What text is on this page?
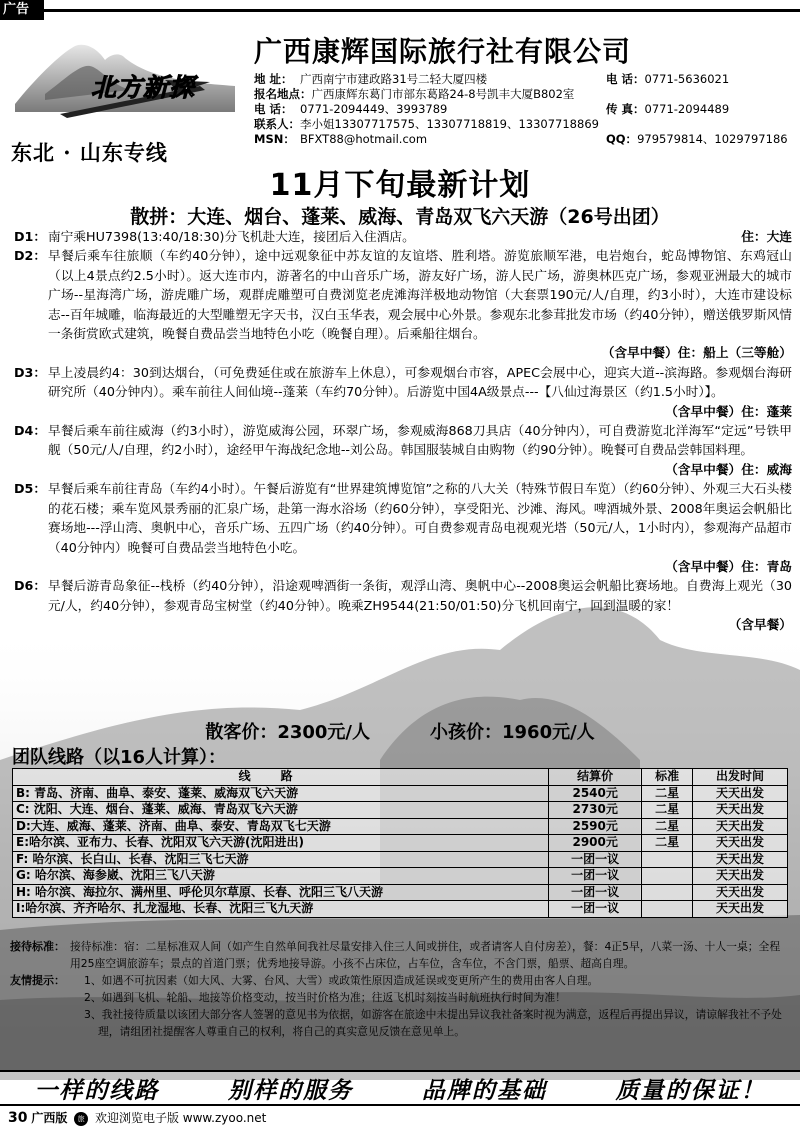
广告
北方新探
东北 · 山东专线
广西康辉国际旅行社有限公司
地 址： 广西南宁市建政路31号二轻大厦四楼	电 话：0771-5636021
报名地点：广西康辉东葛门市部东葛路24-8号凯丰大厦B802室
电 话： 0771-2094449、3993789	传 真：0771-2094489
联系人：李小姐13307717575、13307718819、13307718869
MSN： BFXT88@hotmail.com	QQ：979579814、1029797186
11月下旬最新计划
散拼：大连、烟台、蓬莱、威海、青岛双飞六天游（26号出团）
D1：	住：大连
南宁乘HU7398(13:40/18:30)分飞机赴大连，接团后入住酒店。

D2： 早餐后乘车往旅顺（车约40分钟），途中远观象征中苏友谊的友谊塔、胜利塔。游览旅顺军港，电岩炮台，蛇岛博物馆、东鸡冠山（以上4景点约2.5小时）。返大连市内，游著名的中山音乐广场，游友好广场，游人民广场，游奥林匹克广场，参观亚洲最大的城市广场--星海湾广场，游虎雕广场，观群虎雕塑可自费浏览老虎滩海洋极地动物馆（大套票190元/人/自理，约3小时），大连市建设标志--百年城雕，临海最近的大型雕塑无字天书，汉白玉华表，观会展中心外景。参观东北参茸批发市场（约40分钟），赠送俄罗斯风情一条街赏欧式建筑，晚餐自费品尝当地特色小吃（晚餐自理）。后乘船往烟台。

（含早中餐）住：船上（三等舱）
D3： 早上凌晨约4：30到达烟台，（可免费延住或在旅游车上休息），可参观烟台市容，APEC会展中心，迎宾大道--滨海路。参观烟台海研研究所（40分钟内）。乘车前往人间仙境--蓬莱（车约70分钟）。后游览中国4A级景点---【八仙过海景区（约1.5小时）】。

（含早中餐）住：蓬莱
D4： 早餐后乘车前往威海（约3小时），游览威海公园，环翠广场，参观威海868刀具店（40分钟内），可自费游览北洋海军“定远”号铁甲舰（50元/人/自理，约2小时），途经甲午海战纪念地--刘公岛。韩国服装城自由购物（约90分钟）。晚餐可自费品尝韩国料理。

（含早中餐）住：威海
D5： 早餐后乘车前往青岛（车约4小时）。午餐后游览有“世界建筑博览馆”之称的八大关（特殊节假日车览）（约60分钟）、外观三大石头楼的花石楼；乘车览风景秀丽的汇泉广场，赴第一海水浴场（约60分钟），享受阳光、沙滩、海风。啤酒城外景、2008年奥运会帆船比赛场地---浮山湾、奥帆中心，音乐广场、五四广场（约40分钟）。可自费参观青岛电视观光塔（50元/人，1小时内），参观海产品超市（40分钟内）晚餐可自费品尝当地特色小吃。

（含早中餐）住：青岛
D6： 早餐后游青岛象征--栈桥（约40分钟），沿途观啤酒街一条街，观浮山湾、奥帆中心--2008奥运会帆船比赛场地。自费海上观光（30元/人，约40分钟），参观青岛宝树堂（约40分钟）。晚乘ZH9544(21:50/01:50)分飞机回南宁，回到温暖的家！

（含早餐）
散客价：2300元/人	小孩价：1960元/人
团队线路（以16人计算）：
线路	结算价	标准	出发时间
B: 青岛、济南、曲阜、泰安、蓬莱、威海双飞六天游	2540元	二星	天天出发
C: 沈阳、大连、烟台、蓬莱、威海、青岛双飞六天游	2730元	二星	天天出发
D:大连、威海、蓬莱、济南、曲阜、泰安、青岛双飞七天游	2590元	二星	天天出发
E:哈尔滨、亚布力、长春、沈阳双飞六天游(沈阳进出)	2900元	二星	天天出发
F: 哈尔滨、长白山、长春、沈阳三飞七天游	一团一议		天天出发
G: 哈尔滨、海参崴、沈阳三飞八天游	一团一议		天天出发
H: 哈尔滨、海拉尔、满州里、呼伦贝尔草原、长春、沈阳三飞八天游	一团一议		天天出发
I:哈尔滨、齐齐哈尔、扎龙湿地、长春、沈阳三飞九天游	一团一议		天天出发
接待标准： 接待标准：宿：二星标准双人间（如产生自然单间我社尽量安排入住三人间或拼住，或者请客人自付房差），餐：4正5早，八菜一汤、十人一桌；全程用25座空调旅游车；景点的首道门票；优秀地接导游。小孩不占床位，占车位，含车位，不含门票，船票、超高自理。

友情提示：	1、如遇不可抗因素（如大风、大雾、台风、大雪）或政策性原因造成延误或变更所产生的费用由客人自理。

2、如遇到飞机、轮船、地接等价格变动，按当时价格为准；往返飞机时刻按当时航班执行时间为准！

3、我社接待质量以该团大部分客人签署的意见书为依据，如游客在旅途中未提出异议我社备案时视为满意，返程后再提出异议，请谅解我社不予处理，请组团社提醒客人尊重自己的权利，将自己的真实意见反馈在意见单上。

一样的线路	别样的服务	品牌的基础	质量的保证！
30 广西版 旅 欢迎浏览电子版 www.zyoo.net
